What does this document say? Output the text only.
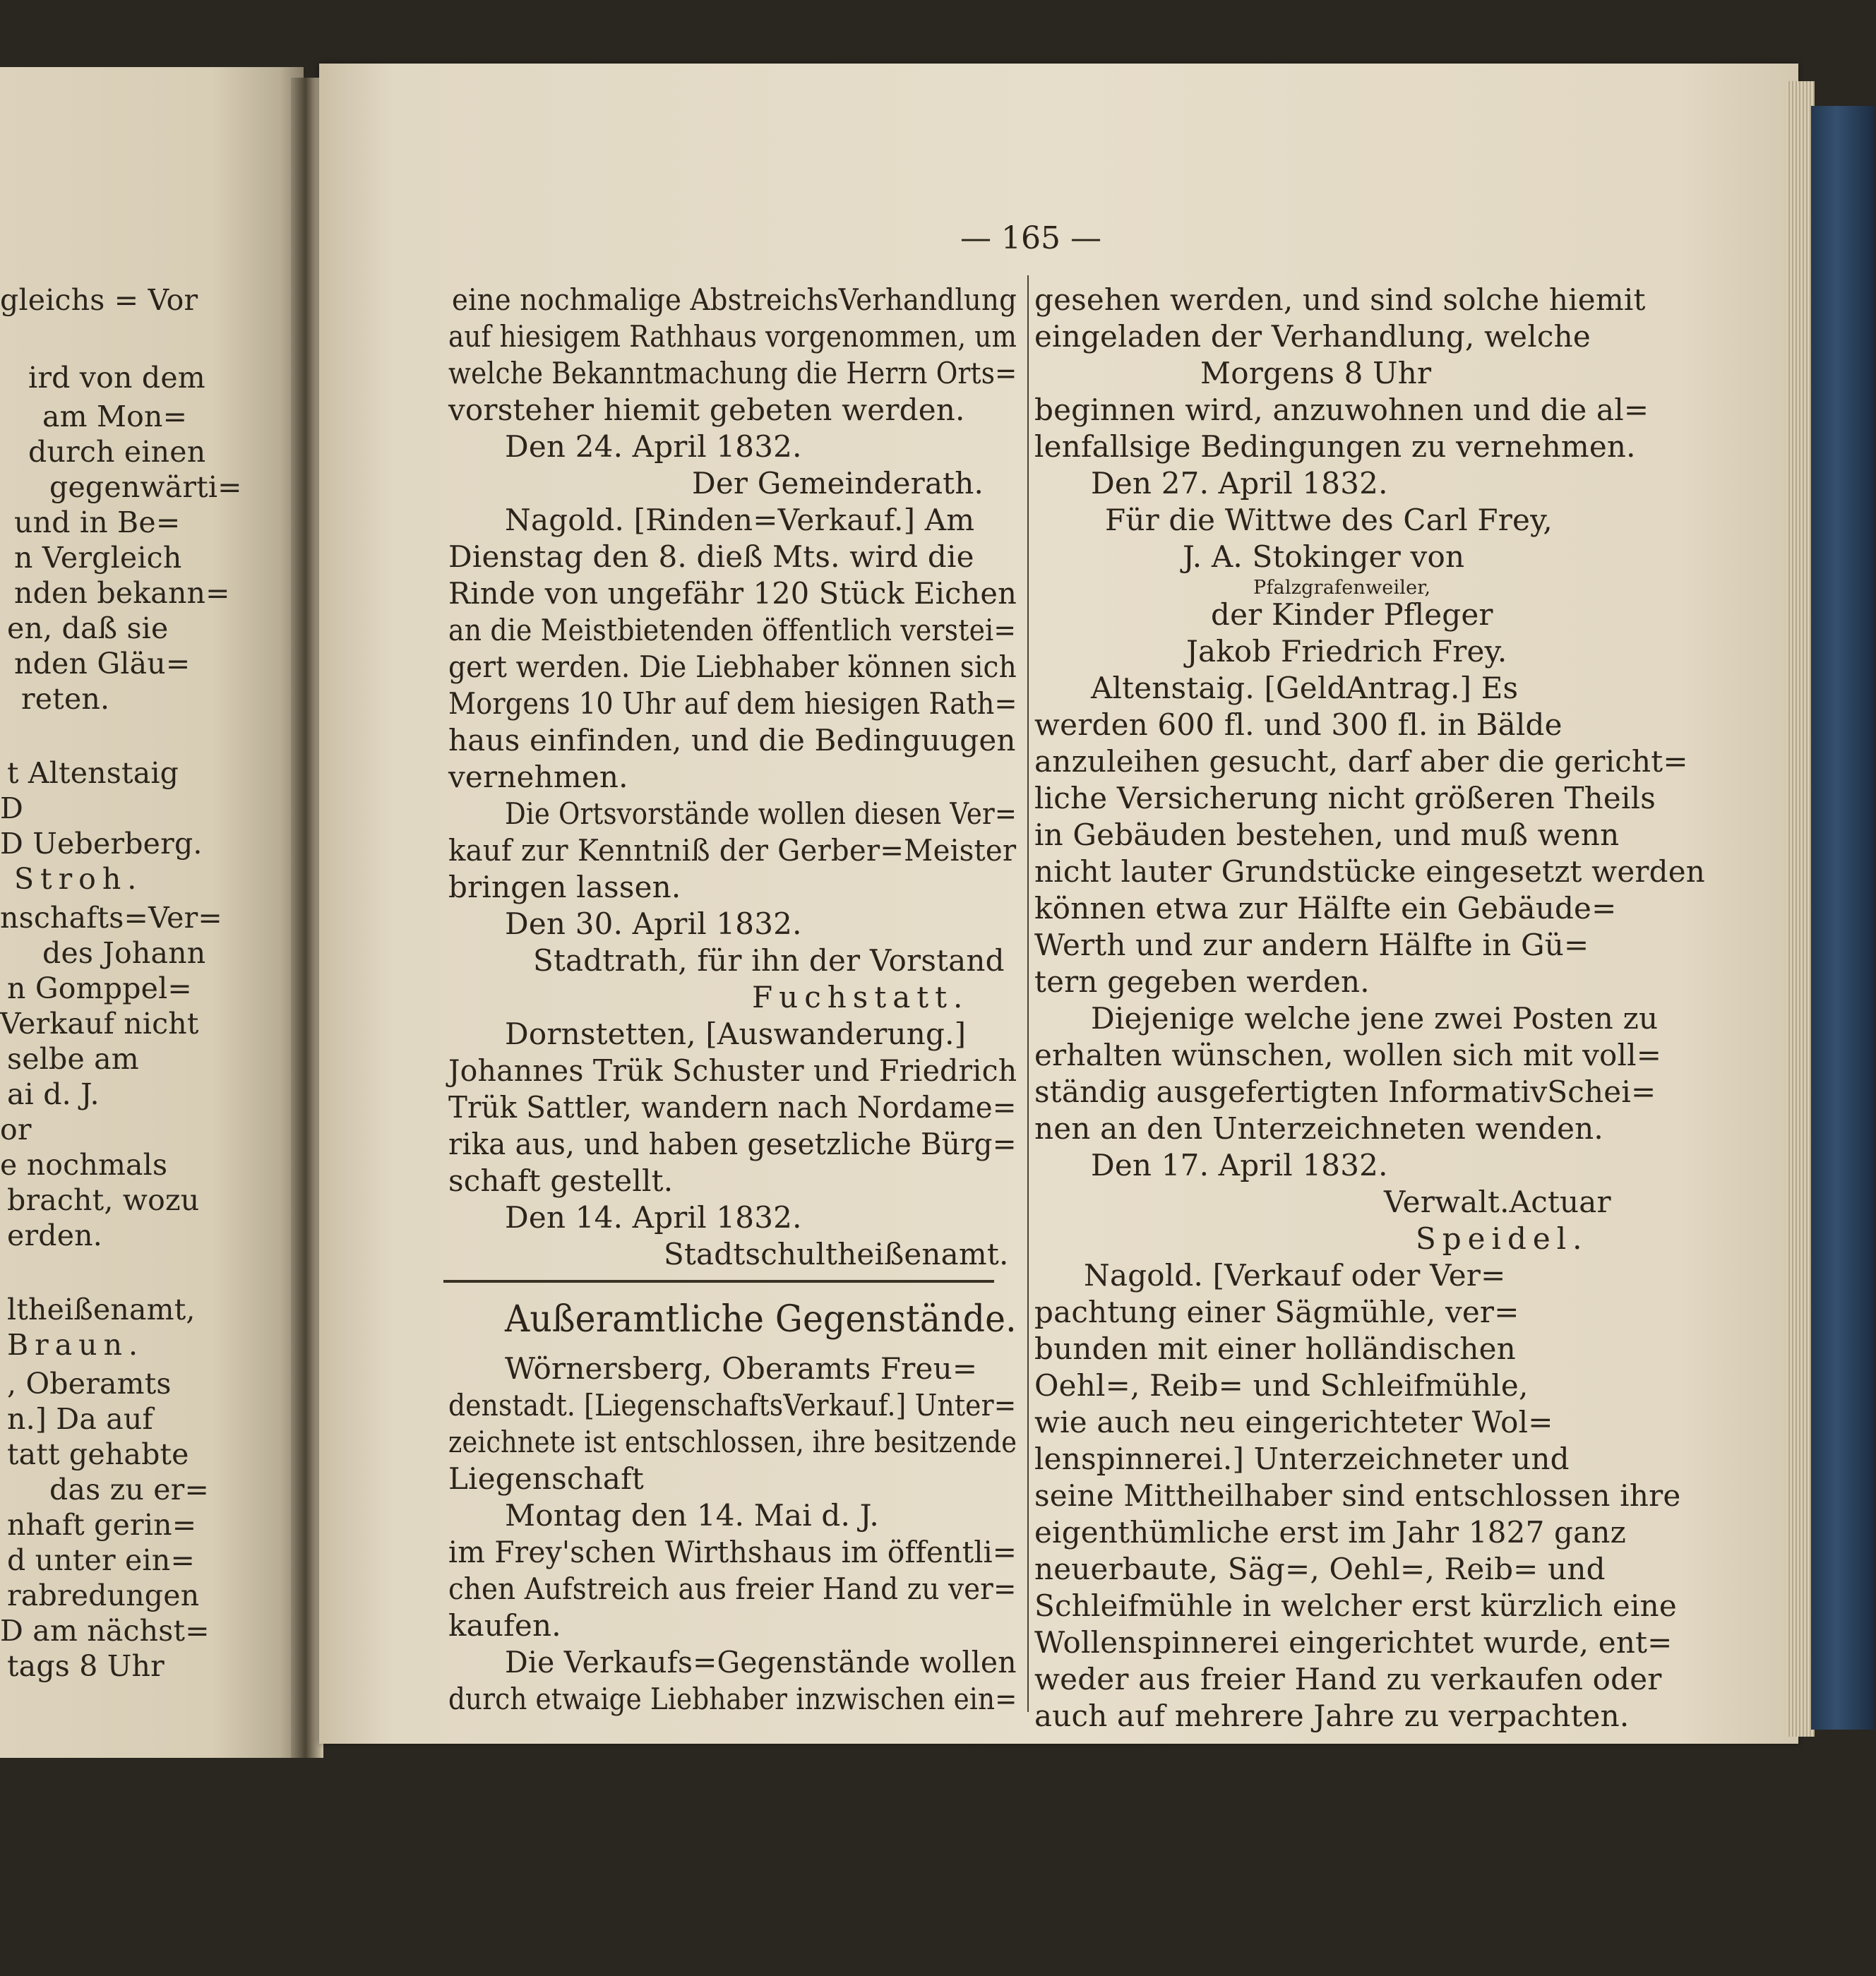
gleichs = Vor
ird von dem
am Mon=
durch einen
gegenwärti=
und in Be=
n Vergleich
nden bekann=
en, daß sie
nden Gläu=
reten.
t Altenstaig
D
D Ueberberg.
Stroh.
nschafts=Ver=
des Johann
n Gomppel=
Verkauf nicht
selbe am
ai d. J.
or
e nochmals
bracht, wozu
erden.
ltheißenamt,
Braun.
, Oberamts
n.] Da auf
tatt gehabte
das zu er=
nhaft gerin=
d unter ein=
rabredungen
D am nächst=
tags 8 Uhr
— 165 —
eine nochmalige AbstreichsVerhandlung
auf hiesigem Rathhaus vorgenommen, um
welche Bekanntmachung die Herrn Orts=
vorsteher hiemit gebeten werden.
Den 24. April 1832.
Der Gemeinderath.
Nagold. [Rinden=Verkauf.] Am
Dienstag den 8. dieß Mts. wird die
Rinde von ungefähr 120 Stück Eichen
an die Meistbietenden öffentlich verstei=
gert werden. Die Liebhaber können sich
Morgens 10 Uhr auf dem hiesigen Rath=
haus einfinden, und die Bedinguugen
vernehmen.
Die Ortsvorstände wollen diesen Ver=
kauf zur Kenntniß der Gerber=Meister
bringen lassen.
Den 30. April 1832.
Stadtrath, für ihn der Vorstand
Fuchstatt.
Dornstetten, [Auswanderung.]
Johannes Trük Schuster und Friedrich
Trük Sattler, wandern nach Nordame=
rika aus, und haben gesetzliche Bürg=
schaft gestellt.
Den 14. April 1832.
Stadtschultheißenamt.
Außeramtliche Gegenstände.
Wörnersberg, Oberamts Freu=
denstadt. [LiegenschaftsVerkauf.] Unter=
zeichnete ist entschlossen, ihre besitzende
Liegenschaft
Montag den 14. Mai d. J.
im Frey'schen Wirthshaus im öffentli=
chen Aufstreich aus freier Hand zu ver=
kaufen.
Die Verkaufs=Gegenstände wollen
durch etwaige Liebhaber inzwischen ein=
gesehen werden, und sind solche hiemit
eingeladen der Verhandlung, welche
Morgens 8 Uhr
beginnen wird, anzuwohnen und die al=
lenfallsige Bedingungen zu vernehmen.
Den 27. April 1832.
Für die Wittwe des Carl Frey,
J. A. Stokinger von
Pfalzgrafenweiler,
der Kinder Pfleger
Jakob Friedrich Frey.
Altenstaig. [GeldAntrag.] Es
werden 600 fl. und 300 fl. in Bälde
anzuleihen gesucht, darf aber die gericht=
liche Versicherung nicht größeren Theils
in Gebäuden bestehen, und muß wenn
nicht lauter Grundstücke eingesetzt werden
können etwa zur Hälfte ein Gebäude=
Werth und zur andern Hälfte in Gü=
tern gegeben werden.
Diejenige welche jene zwei Posten zu
erhalten wünschen, wollen sich mit voll=
ständig ausgefertigten InformativSchei=
nen an den Unterzeichneten wenden.
Den 17. April 1832.
Verwalt.Actuar
Speidel.
Nagold. [Verkauf oder Ver=
pachtung einer Sägmühle, ver=
bunden mit einer holländischen
Oehl=, Reib= und Schleifmühle,
wie auch neu eingerichteter Wol=
lenspinnerei.] Unterzeichneter und
seine Mittheilhaber sind entschlossen ihre
eigenthümliche erst im Jahr 1827 ganz
neuerbaute, Säg=, Oehl=, Reib= und
Schleifmühle in welcher erst kürzlich eine
Wollenspinnerei eingerichtet wurde, ent=
weder aus freier Hand zu verkaufen oder
auch auf mehrere Jahre zu verpachten.
